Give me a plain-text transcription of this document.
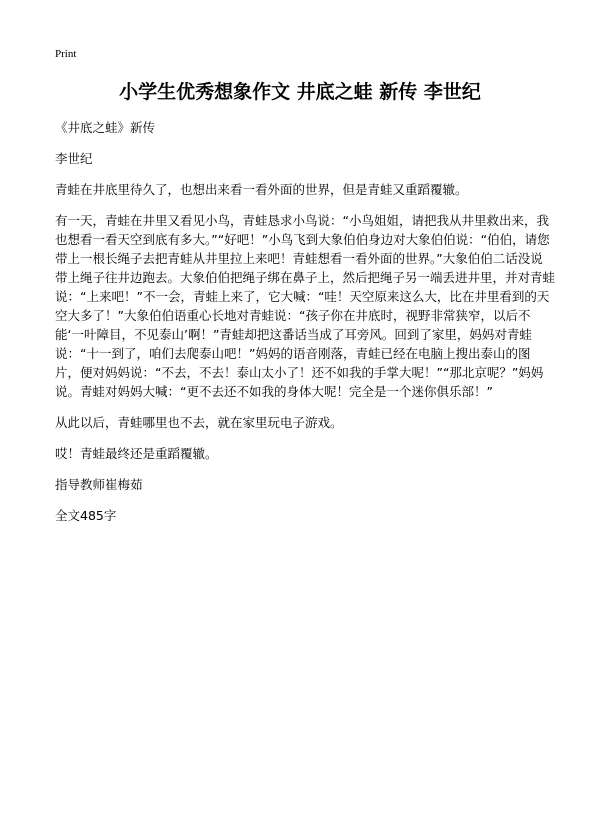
Print
小学生优秀想象作文 井底之蛙 新传 李世纪

《井底之蛙》新传

李世纪

青蛙在井底里待久了，也想出来看一看外面的世界，但是青蛙又重蹈覆辙。

有一天，青蛙在井里又看见小鸟，青蛙恳求小鸟说：“小鸟姐姐，请把我从井里救出来，我也想看一看天空到底有多大。”“好吧！”小鸟飞到大象伯伯身边对大象伯伯说：“伯伯，请您带上一根长绳子去把青蛙从井里拉上来吧！青蛙想看一看外面的世界。”大象伯伯二话没说带上绳子往井边跑去。大象伯伯把绳子绑在鼻子上，然后把绳子另一端丢进井里，并对青蛙说：“上来吧！”不一会，青蛙上来了，它大喊：“哇！天空原来这么大，比在井里看到的天空大多了！”大象伯伯语重心长地对青蛙说：“孩子你在井底时，视野非常狭窄，以后不能‘一叶障目，不见泰山’啊！”青蛙却把这番话当成了耳旁风。回到了家里，妈妈对青蛙说：“十一到了，咱们去爬泰山吧！”妈妈的语音刚落，青蛙已经在电脑上搜出泰山的图片，便对妈妈说：“不去，不去！泰山太小了！还不如我的手掌大呢！”“那北京呢？”妈妈说。青蛙对妈妈大喊：“更不去还不如我的身体大呢！完全是一个迷你俱乐部！”

从此以后，青蛙哪里也不去，就在家里玩电子游戏。

哎！青蛙最终还是重蹈覆辙。

指导教师崔梅茹

全文485字
